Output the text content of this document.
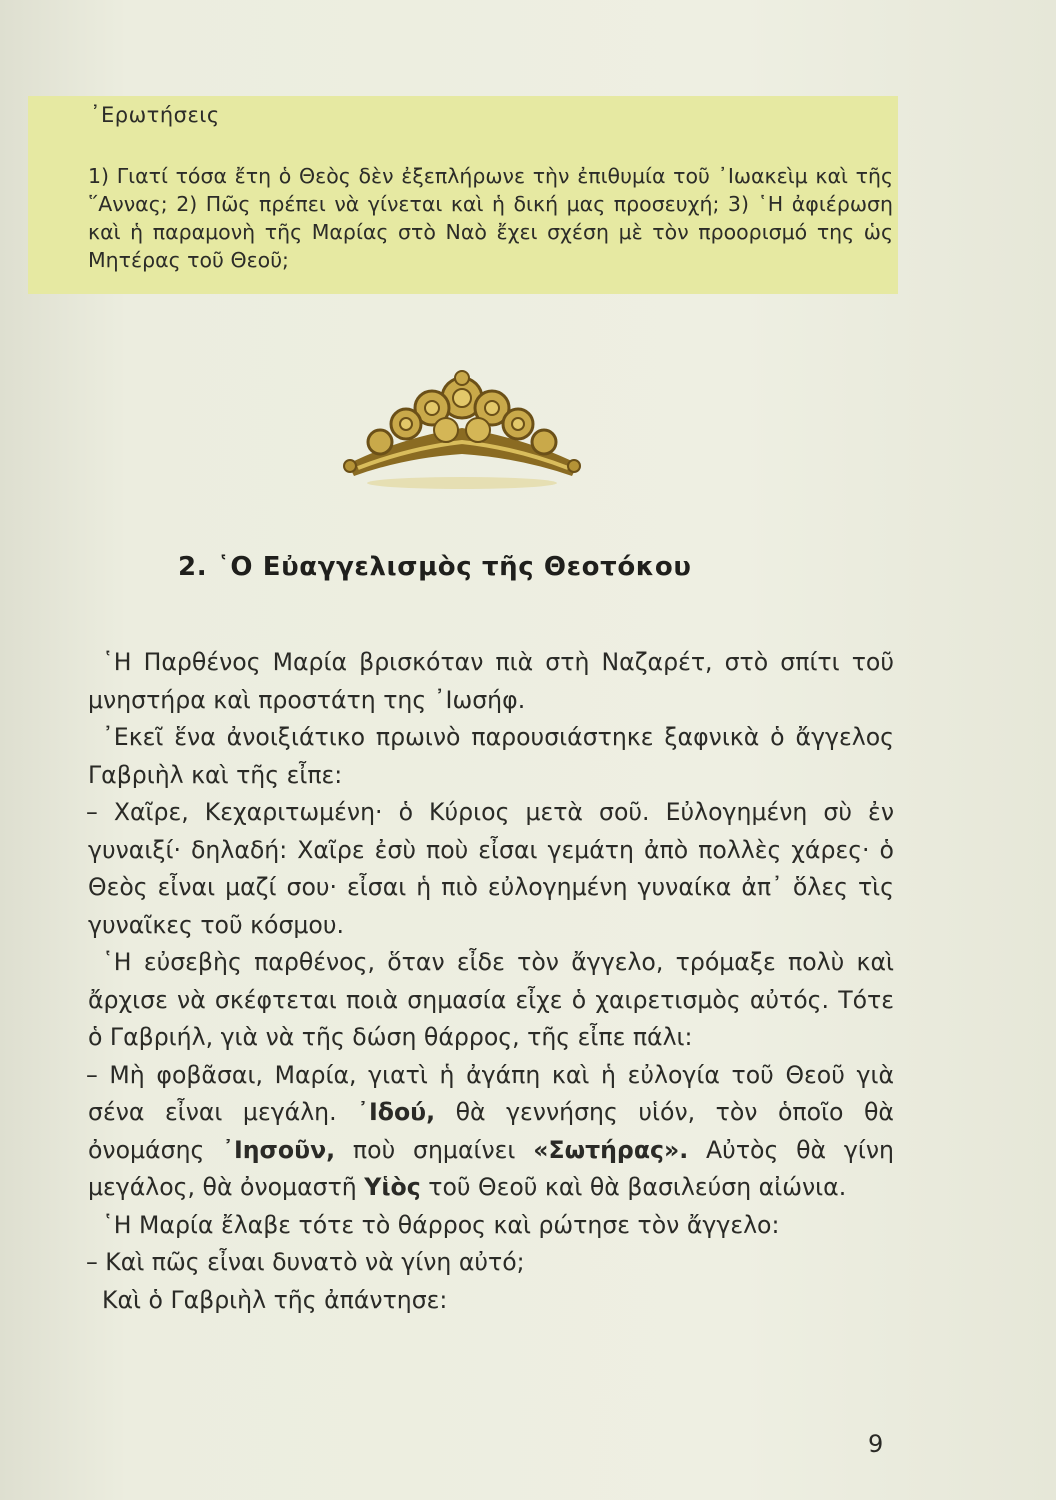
᾿Ερωτήσεις
1) Γιατί τόσα ἔτη ὁ Θεὸς δὲν ἐξεπλήρωνε τὴν ἐπιθυμία τοῦ ᾿Ιωακεὶμ καὶ τῆς ῞Αννας; 2) Πῶς πρέπει νὰ γίνεται καὶ ἡ δική μας προσευχή; 3) ῾Η ἀφιέρωση καὶ ἡ παραμονὴ τῆς Μαρίας στὸ Ναὸ ἔχει σχέση μὲ τὸν προορισμό της ὡς Μητέρας τοῦ Θεοῦ;
2. ῾Ο Εὐαγγελισμὸς τῆς Θεοτόκου

῾Η Παρθένος Μαρία βρισκόταν πιὰ στὴ Ναζαρέτ, στὸ σπίτι τοῦ μνηστήρα καὶ προστάτη της ᾿Ιωσήφ.

᾿Εκεῖ ἕνα ἀνοιξιάτικο πρωινὸ παρουσιάστηκε ξαφνικὰ ὁ ἄγγελος Γαβριὴλ καὶ τῆς εἶπε:

– Χαῖρε, Κεχαριτωμένη· ὁ Κύριος μετὰ σοῦ. Εὐλογημένη σὺ ἐν γυναιξί· δηλαδή: Χαῖρε ἐσὺ ποὺ εἶσαι γεμάτη ἀπὸ πολλὲς χάρες· ὁ Θεὸς εἶναι μαζί σου· εἶσαι ἡ πιὸ εὐλογημένη γυναίκα ἀπ᾿ ὅλες τὶς γυναῖκες τοῦ κόσμου.

῾Η εὐσεβὴς παρθένος, ὅταν εἶδε τὸν ἄγγελο, τρόμαξε πολὺ καὶ ἄρχισε νὰ σκέφτεται ποιὰ σημασία εἶχε ὁ χαιρετισμὸς αὐτός. Τότε ὁ Γαβριήλ, γιὰ νὰ τῆς δώση θάρρος, τῆς εἶπε πάλι:

– Μὴ φοβᾶσαι, Μαρία, γιατὶ ἡ ἀγάπη καὶ ἡ εὐλογία τοῦ Θεοῦ γιὰ σένα εἶναι μεγάλη. ᾿Ιδού, θὰ γεννήσης υἱόν, τὸν ὁποῖο θὰ ὀνομάσης ᾿Ιησοῦν, ποὺ σημαίνει «Σωτήρας». Αὐτὸς θὰ γίνη μεγάλος, θὰ ὀνομαστῆ Υἱὸς τοῦ Θεοῦ καὶ θὰ βασιλεύση αἰώνια.

῾Η Μαρία ἔλαβε τότε τὸ θάρρος καὶ ρώτησε τὸν ἄγγελο:

– Καὶ πῶς εἶναι δυνατὸ νὰ γίνη αὐτό;

Καὶ ὁ Γαβριὴλ τῆς ἀπάντησε:

9
